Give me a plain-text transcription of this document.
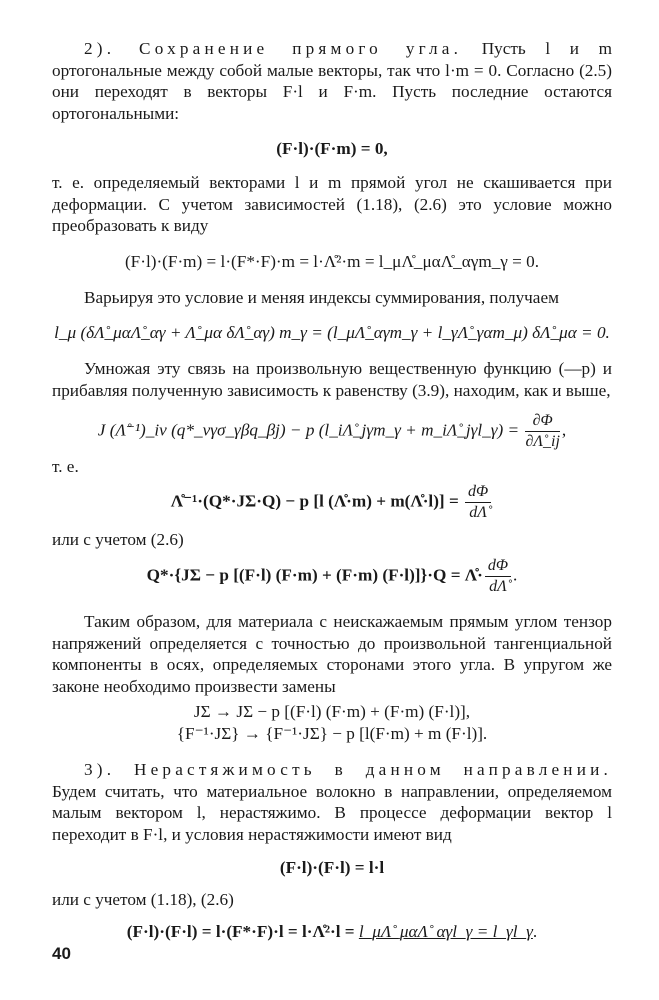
2). Сохранение прямого угла. Пусть l и m ортогональные между собой малые векторы, так что l·m = 0. Согласно (2.5) они переходят в векторы F·l и F·m. Пусть последние остаются ортогональными:

(F·l)·(F·m) = 0,

т. е. определяемый векторами l и m прямой угол не скашивается при деформации. С учетом зависимостей (1.18), (2.6) это условие можно преобразовать к виду

(F·l)·(F·m) = l·(F*·F)·m = l·Λ̊²·m = l_μΛ̊_μαΛ̊_αγm_γ = 0.

Варьируя это условие и меняя индексы суммирования, получаем

l_μ (δΛ̊_μαΛ̊_αγ + Λ̊_μα δΛ̊_αγ) m_γ = (l_μΛ̊_αγm_γ + l_γΛ̊_γαm_μ) δΛ̊_μα = 0.

Умножая эту связь на произвольную вещественную функцию (—p) и прибавляя полученную зависимость к равенству (3.9), находим, как и выше,

J (Λ̊⁻¹)_iν (q*_νγσ_γβq_βj) − p (l_iΛ̊_jγm_γ + m_iΛ̊_jγl_γ) = $\frac{\partial\Phi}{\partial\Lambdå\_ij}$ ,

т. е.

Λ̊⁻¹·(Q*·JΣ·Q) − p [l (Λ̊·m) + m(Λ̊·l)] = $\frac{d\Phi}{d\Lambdå}$

или с учетом (2.6)

Q*·{JΣ − p [(F·l) (F·m) + (F·m) (F·l)]}·Q = Λ̊· $\frac{d\Phi}{d\Lambdå}$ .

Таким образом, для материала с неискажаемым прямым углом тензор напряжений определяется с точностью до произвольной тангенциальной компоненты в осях, определяемых сторонами этого угла. В упругом же законе необходимо произвести замены

JΣ → JΣ − p [(F·l) (F·m) + (F·m) (F·l)],

{F⁻¹·JΣ} → {F⁻¹·JΣ} − p [l(F·m) + m (F·l)].

3). Нерастяжимость в данном направлении. Будем считать, что материальное волокно в направлении, определяемом малым вектором l, нерастяжимо. В процессе деформации вектор l переходит в F·l, и условия нерастяжимости имеют вид

(F·l)·(F·l) = l·l

или с учетом (1.18), (2.6)

(F·l)·(F·l) = l·(F*·F)·l = l·Λ̊²·l = l_μΛ̊_μαΛ̊_αγl_γ = l_γl_γ.

40
